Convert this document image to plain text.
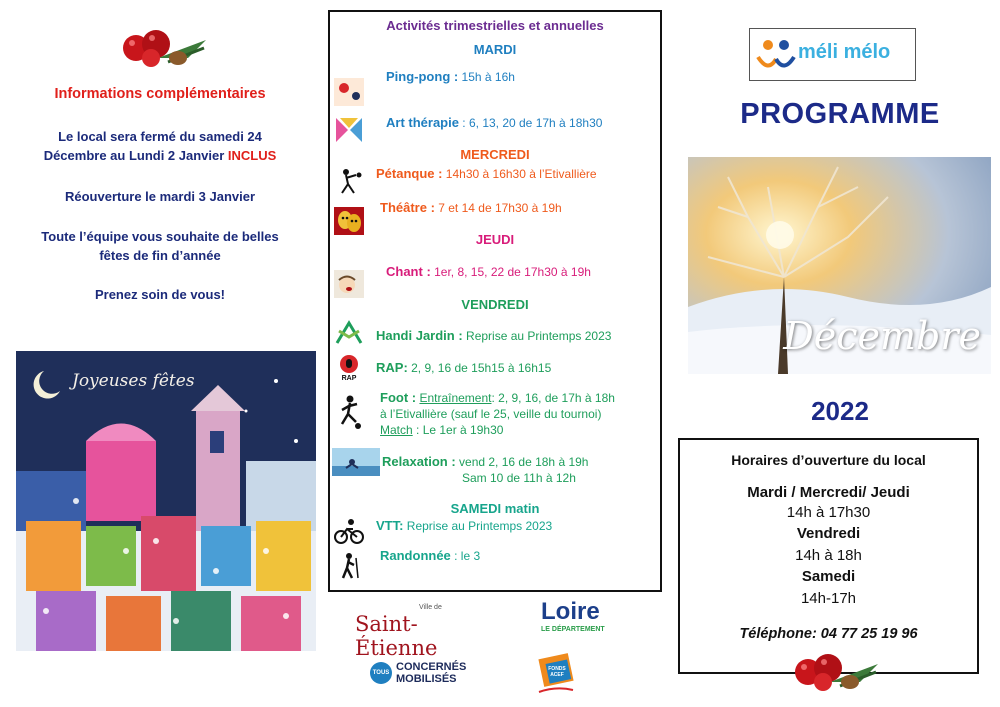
Informations complémentaires
Le local sera fermé du samedi 24
Décembre au Lundi 2 Janvier INCLUS
Réouverture le mardi 3 Janvier
Toute l’équipe vous souhaite de belles
fêtes de fin d’année
Prenez soin de vous!
Joyeuses fêtes
Activités trimestrielles et annuelles
MARDI
Ping-pong : 15h à 16h
Art thérapie : 6, 13, 20 de 17h à 18h30
MERCREDI
Pétanque : 14h30 à 16h30 à l’Etivallière
Théâtre : 7 et 14 de 17h30 à 19h
JEUDI
Chant : 1er, 8, 15, 22 de 17h30 à 19h
VENDREDI
Handi Jardin : Reprise au Printemps 2023
RAP
RAP: 2, 9, 16 de 15h15 à 16h15
Foot : Entraînement: 2, 9, 16, de 17h à 18h
à l’Etivallière (sauf le 25, veille du tournoi)
Match : Le 1er à 19h30
Relaxation : vend 2, 16 de 18h à 19h
Sam 10 de 11h à 12h
SAMEDI matin
VTT: Reprise au Printemps 2023
Randonnée : le 3
Ville de
Saint-Étienne
Loire
LE DÉPARTEMENT
TOUS CONCERNÉS
MOBILISÉS
FONDS ACEF
méli mélo
PROGRAMME
Décembre
2022
Horaires d’ouverture du local
Mardi / Mercredi/ Jeudi
14h à 17h30
Vendredi
14h à 18h
Samedi
14h-17h
Téléphone: 04 77 25 19 96
